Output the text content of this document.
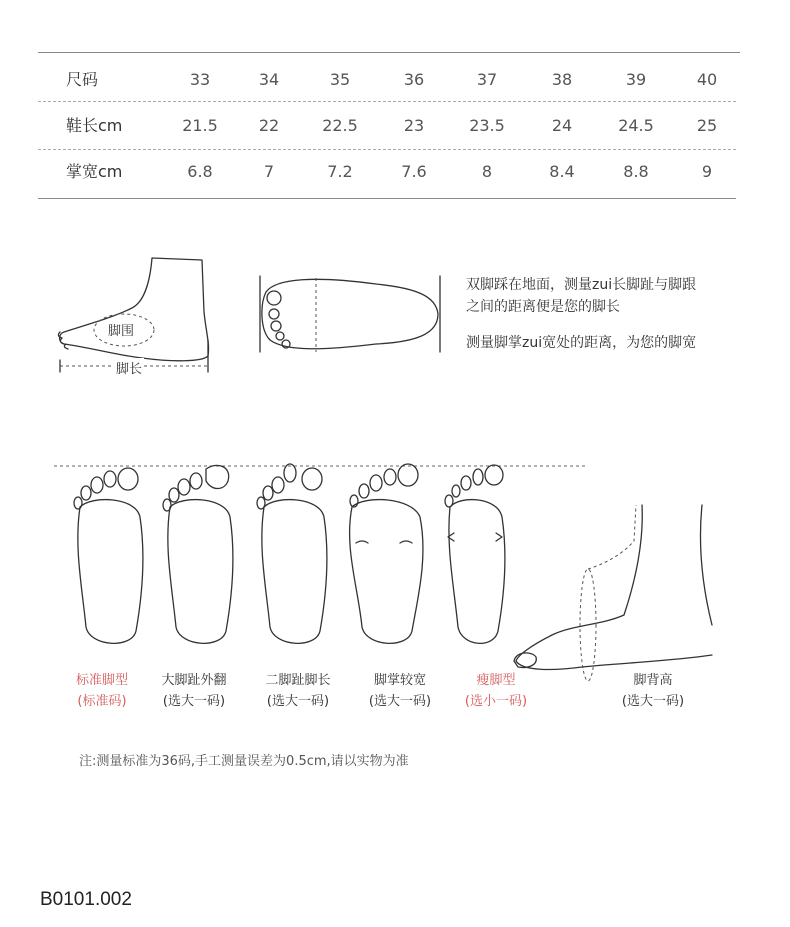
尺码	33	34	35	36	37	38	39	40
鞋长cm	21.5	22	22.5	23	23.5	24	24.5	25
掌宽cm	6.8	7	7.2	7.6	8	8.4	8.8	9
脚围
脚长
双脚踩在地面，测量zui长脚趾与脚跟
之间的距离便是您的脚长
测量脚掌zui宽处的距离，为您的脚宽
标准脚型
(标准码)
大脚趾外翻
(选大一码)
二脚趾脚长
(选大一码)
脚掌较宽
(选大一码)
瘦脚型
(选小一码)
脚背高
(选大一码)
注:测量标准为36码,手工测量误差为0.5cm,请以实物为准
B0101.002
